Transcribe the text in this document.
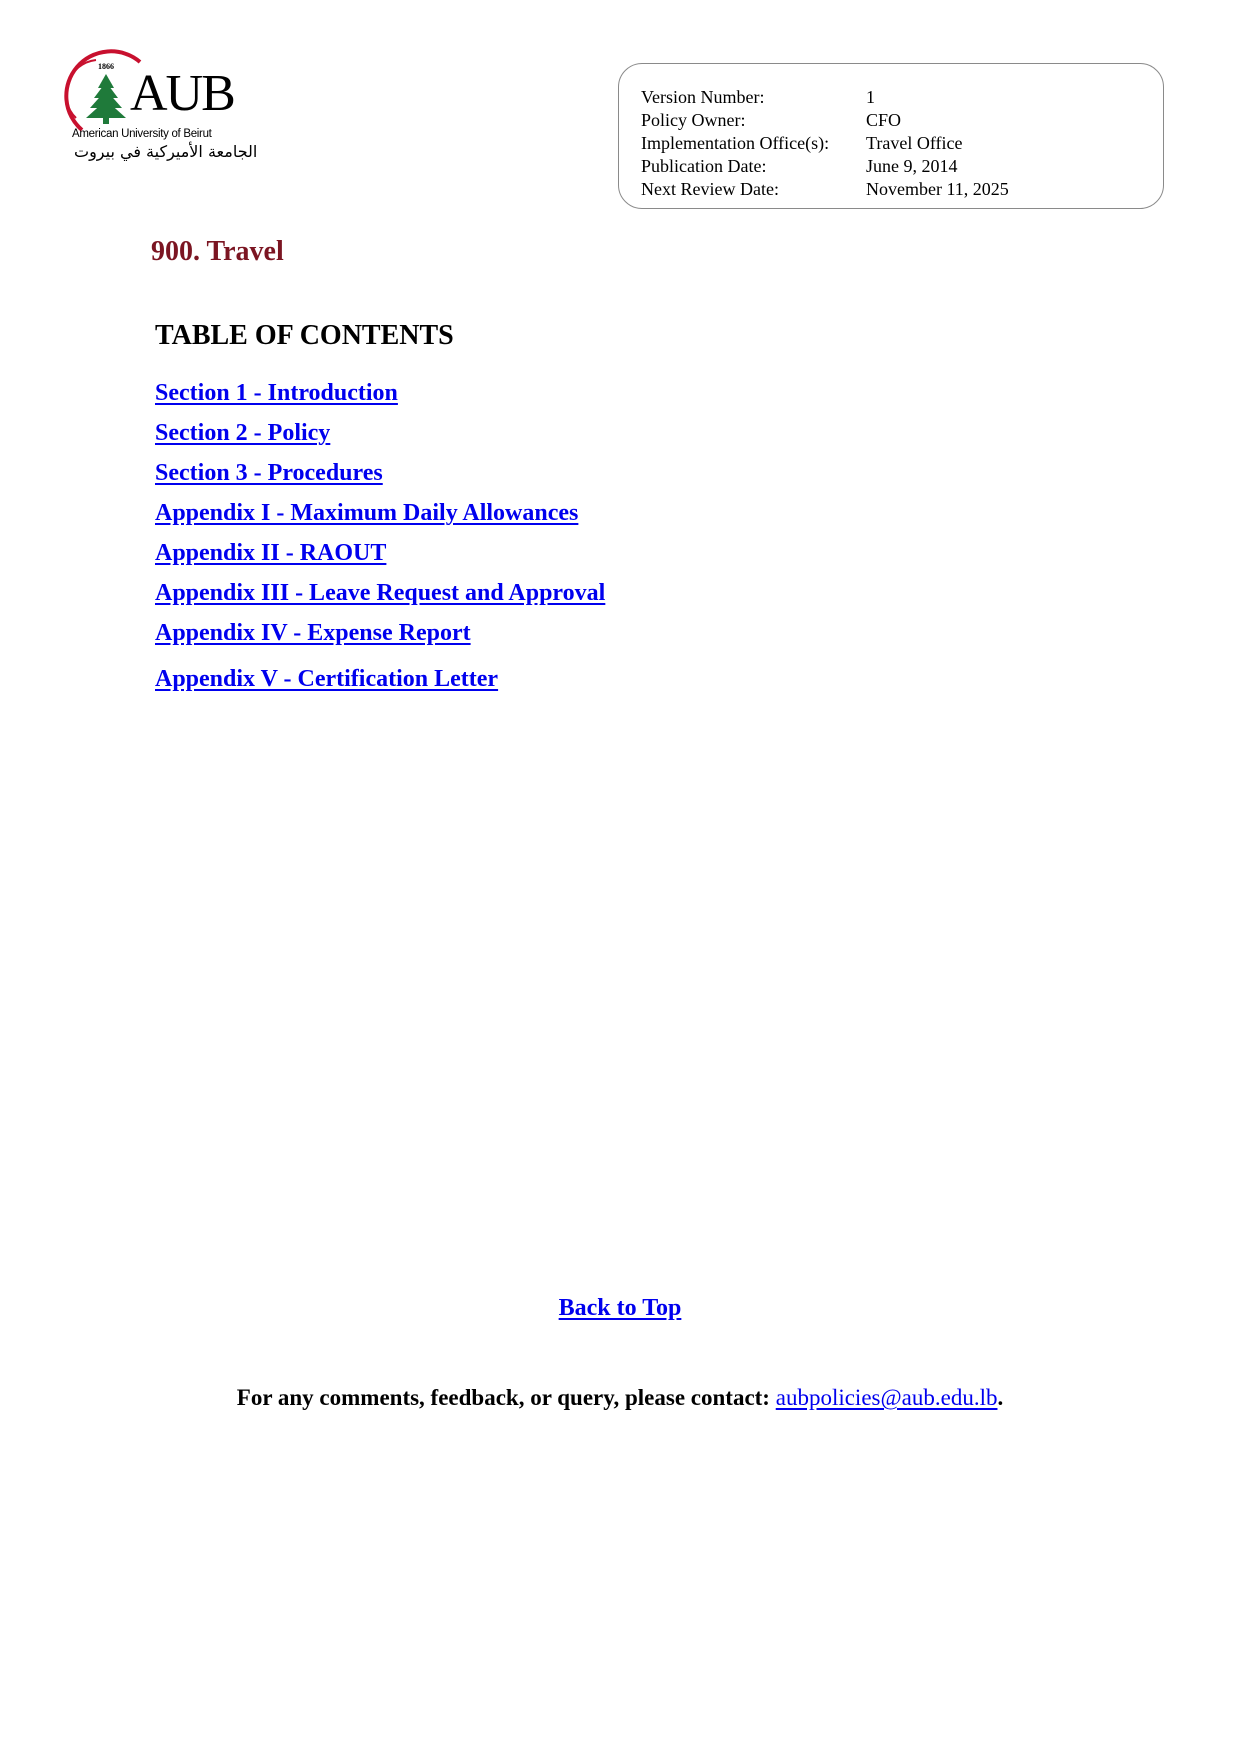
1866 AUB
American University of Beirut
الجامعة الأميركية في بيروت
Version Number:	1
Policy Owner:	CFO
Implementation Office(s):	Travel Office
Publication Date:	June 9, 2014
Next Review Date:	November 11, 2025
900. Travel
TABLE OF CONTENTS
Section 1 - Introduction
Section 2 - Policy
Section 3 - Procedures
Appendix I - Maximum Daily Allowances
Appendix II - RAOUT
Appendix III - Leave Request and Approval
Appendix IV - Expense Report
Appendix V - Certification Letter
Back to Top
For any comments, feedback, or query, please contact: aubpolicies@aub.edu.lb.
